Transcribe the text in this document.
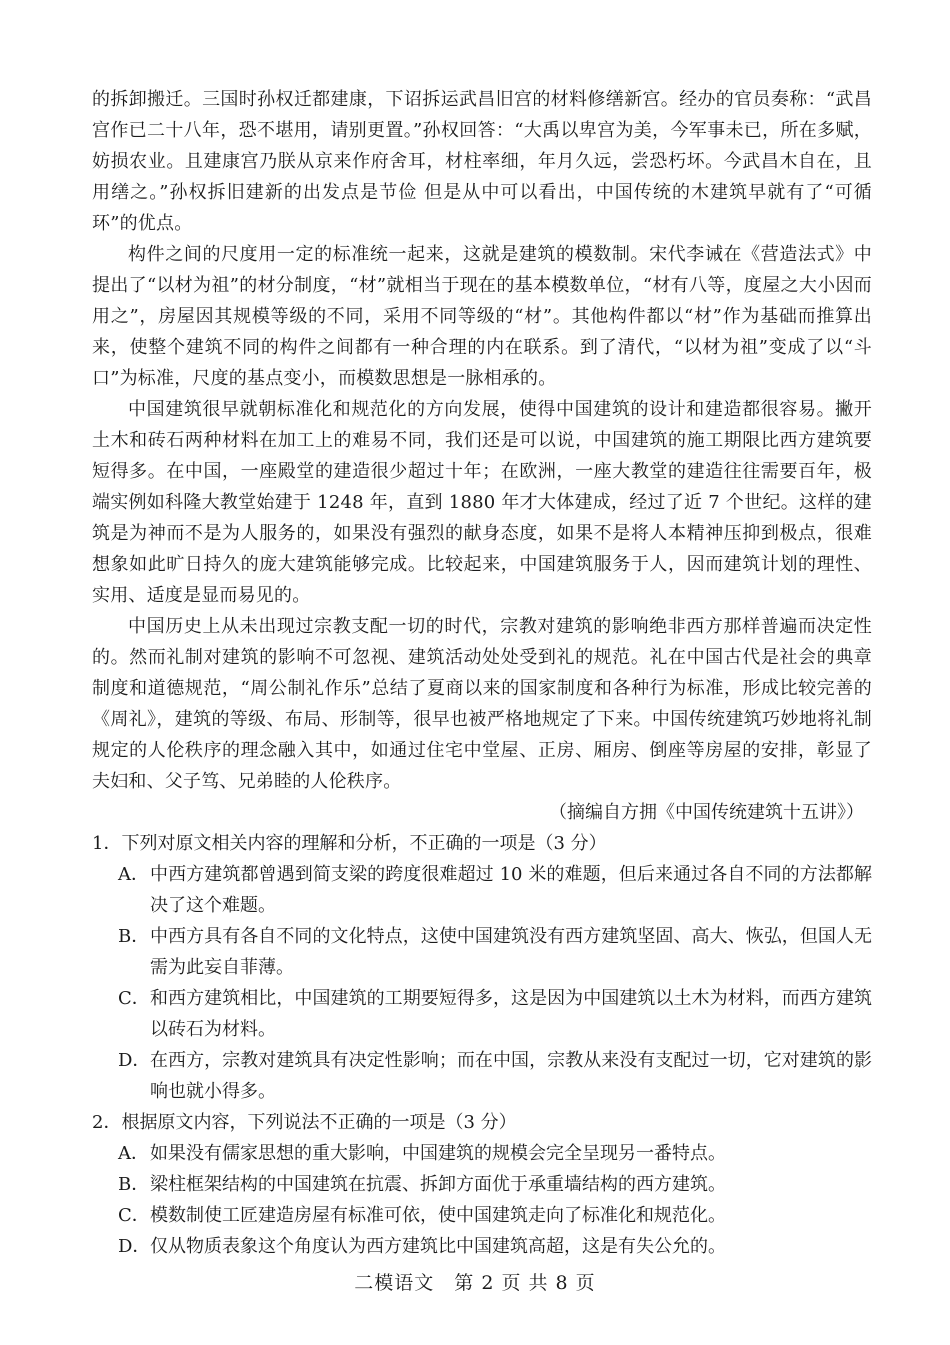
的拆卸搬迁。三国时孙权迁都建康，下诏拆运武昌旧宫的材料修缮新宫。经办的官员奏称：“武昌宫作已二十八年，恐不堪用，请别更置。”孙权回答：“大禹以卑宫为美，今军事未已，所在多赋，妨损农业。且建康宫乃朕从京来作府舍耳，材柱率细，年月久远，尝恐朽坏。今武昌木自在，且用缮之。”孙权拆旧建新的出发点是节俭 但是从中可以看出，中国传统的木建筑早就有了“可循环”的优点。

构件之间的尺度用一定的标准统一起来，这就是建筑的模数制。宋代李诫在《营造法式》中提出了“以材为祖”的材分制度，“材”就相当于现在的基本模数单位，“材有八等，度屋之大小因而用之”，房屋因其规模等级的不同，采用不同等级的“材”。其他构件都以“材”作为基础而推算出来，使整个建筑不同的构件之间都有一种合理的内在联系。到了清代，“以材为祖”变成了以“斗口”为标准，尺度的基点变小，而模数思想是一脉相承的。

中国建筑很早就朝标准化和规范化的方向发展，使得中国建筑的设计和建造都很容易。撇开土木和砖石两种材料在加工上的难易不同，我们还是可以说，中国建筑的施工期限比西方建筑要短得多。在中国，一座殿堂的建造很少超过十年；在欧洲，一座大教堂的建造往往需要百年，极端实例如科隆大教堂始建于 1248 年，直到 1880 年才大体建成，经过了近 7 个世纪。这样的建筑是为神而不是为人服务的，如果没有强烈的献身态度，如果不是将人本精神压抑到极点，很难想象如此旷日持久的庞大建筑能够完成。比较起来，中国建筑服务于人，因而建筑计划的理性、实用、适度是显而易见的。

中国历史上从未出现过宗教支配一切的时代，宗教对建筑的影响绝非西方那样普遍而决定性的。然而礼制对建筑的影响不可忽视、建筑活动处处受到礼的规范。礼在中国古代是社会的典章制度和道德规范，“周公制礼作乐”总结了夏商以来的国家制度和各种行为标准，形成比较完善的《周礼》，建筑的等级、布局、形制等，很早也被严格地规定了下来。中国传统建筑巧妙地将礼制规定的人伦秩序的理念融入其中，如通过住宅中堂屋、正房、厢房、倒座等房屋的安排，彰显了夫妇和、父子笃、兄弟睦的人伦秩序。

（摘编自方拥《中国传统建筑十五讲》）

1．下列对原文相关内容的理解和分析，不正确的一项是（3 分）

A． 中西方建筑都曾遇到简支梁的跨度很难超过 10 米的难题，但后来通过各自不同的方法都解决了这个难题。
B． 中西方具有各自不同的文化特点，这使中国建筑没有西方建筑坚固、高大、恢弘，但国人无需为此妄自菲薄。
C． 和西方建筑相比，中国建筑的工期要短得多，这是因为中国建筑以土木为材料，而西方建筑以砖石为材料。
D． 在西方，宗教对建筑具有决定性影响；而在中国，宗教从来没有支配过一切，它对建筑的影响也就小得多。

2．根据原文内容，下列说法不正确的一项是（3 分）

A． 如果没有儒家思想的重大影响，中国建筑的规模会完全呈现另一番特点。
B． 梁柱框架结构的中国建筑在抗震、拆卸方面优于承重墙结构的西方建筑。
C． 模数制使工匠建造房屋有标准可依，使中国建筑走向了标准化和规范化。
D． 仅从物质表象这个角度认为西方建筑比中国建筑高超，这是有失公允的。
二模语文　第 2 页 共 8 页
